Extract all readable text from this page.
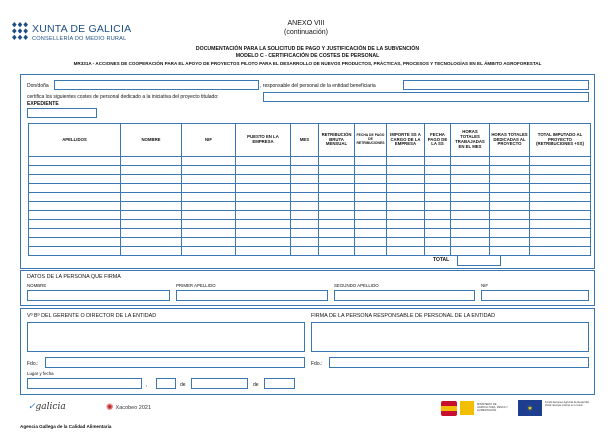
XUNTA DE GALICIA
CONSELLERÍA DO MEDIO RURAL
ANEXO VIII
(continuación)
DOCUMENTACIÓN PARA LA SOLICITUD DE PAGO Y JUSTIFICACIÓN DE LA SUBVENCIÓN
MODELO C - CERTIFICACIÓN DE COSTES DE PERSONAL
MR331A - ACCIONES DE COOPERACIÓN PARA EL APOYO DE PROYECTOS PILOTO PARA EL DESARROLLO DE NUEVOS PRODUCTOS, PRÁCTICAS, PROCESOS Y TECNOLOGÍAS EN EL ÁMBITO AGROFORESTAL
Don/doña	, responsable del personal de la entidad beneficiaria
certifica los siguientes costes de personal dedicado a la iniciativa del proyecto titulado:
EXPEDIENTE
APELLIDOS	NOMBRE	NIF	PUESTO EN LA EMPRESA	MES	RETRIBUCIÓN BRUTA MENSUAL	FECHA DE PAGO DE RETRIBUCIONES	IMPORTE SS A CARGO DE LA EMPRESA	FECHA PAGO DE LA SS	HORAS TOTALES TRABAJADAS EN EL MES	HORAS TOTALES DEDICADAS AL PROYECTO	TOTAL IMPUTADO AL PROYECTO (RETRIBUCIONES +SS)

TOTAL
DATOS DE LA PERSONA QUE FIRMA
NOMBRE	PRIMER APELLIDO	SEGUNDO APELLIDO	NIF
Vº Bº DEL GERENTE O DIRECTOR DE LA ENTIDAD	FIRMA DE LA PERSONA RESPONSABLE DE PERSONAL DE LA ENTIDAD
Fdo.:	Fdo.:
Lugar y fecha
,	de	de
✓galicia	✺ Xacobeo 2021	MINISTERIO DE AGRICULTURA, PESCA Y ALIMENTACIÓN	✶
Fondo Europeo Agrícola de Desarrollo Rural: Europa invierte en el rural
Agencia Gallega de la Calidad Alimentaria
